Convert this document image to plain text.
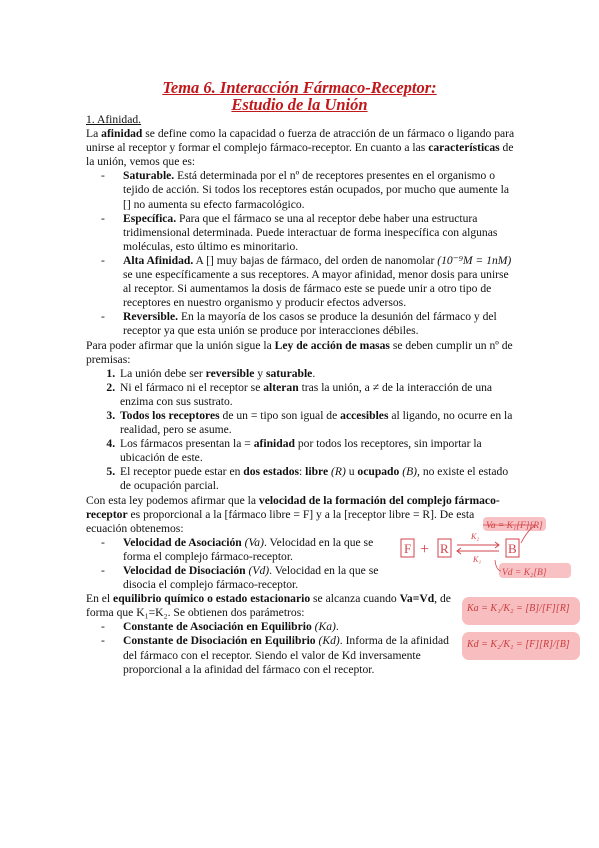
Tema 6. Interacción Fármaco-Receptor:
Estudio de la Unión

1. Afinidad.

La afinidad se define como la capacidad o fuerza de atracción de un fármaco o ligando para unirse al receptor y formar el complejo fármaco-receptor. En cuanto a las características de la unión, vemos que es:

- Saturable. Está determinada por el nº de receptores presentes en el organismo o tejido de acción. Si todos los receptores están ocupados, por mucho que aumente la [] no aumenta su efecto farmacológico.
- Específica. Para que el fármaco se una al receptor debe haber una estructura tridimensional determinada. Puede interactuar de forma inespecífica con algunas moléculas, esto último es minoritario.
- Alta Afinidad. A [] muy bajas de fármaco, del orden de nanomolar (10⁻⁹M = 1nM) se une específicamente a sus receptores. A mayor afinidad, menor dosis para unirse al receptor. Si aumentamos la dosis de fármaco este se puede unir a otro tipo de receptores en nuestro organismo y producir efectos adversos.
- Reversible. En la mayoría de los casos se produce la desunión del fármaco y del receptor ya que esta unión se produce por interacciones débiles.

Para poder afirmar que la unión sigue la Ley de acción de masas se deben cumplir un nº de premisas:

1. La unión debe ser reversible y saturable.
2. Ni el fármaco ni el receptor se alteran tras la unión, a ≠ de la interacción de una enzima con sus sustrato.
3. Todos los receptores de un = tipo son igual de accesibles al ligando, no ocurre en la realidad, pero se asume.
4. Los fármacos presentan la = afinidad por todos los receptores, sin importar la ubicación de este.
5. El receptor puede estar en dos estados: libre (R) u ocupado (B), no existe el estado de ocupación parcial.

Con esta ley podemos afirmar que la velocidad de la formación del complejo fármaco-receptor es proporcional a la [fármaco libre = F] y a la [receptor libre = R]. De esta ecuación obtenemos:

- Velocidad de Asociación (Va). Velocidad en la que se forma el complejo fármaco-receptor.
- Velocidad de Disociación (Vd). Velocidad en la que se disocia el complejo fármaco-receptor.

En el equilibrio químico o estado estacionario se alcanza cuando Va=Vd, de forma que K₁=K₂. Se obtienen dos parámetros:

- Constante de Asociación en Equilibrio (Ka).
- Constante de Disociación en Equilibrio (Kd). Informa de la afinidad del fármaco con el receptor. Siendo el valor de Kd inversamente proporcional a la afinidad del fármaco con el receptor.
Va = K₁[F][R]
Vd = K₂[B]
F + R
K₂
K₁
B
Ka = K₁/K₂ = [B]/[F][R]
Kd = K₂/K₁ = [F][R]/[B]
